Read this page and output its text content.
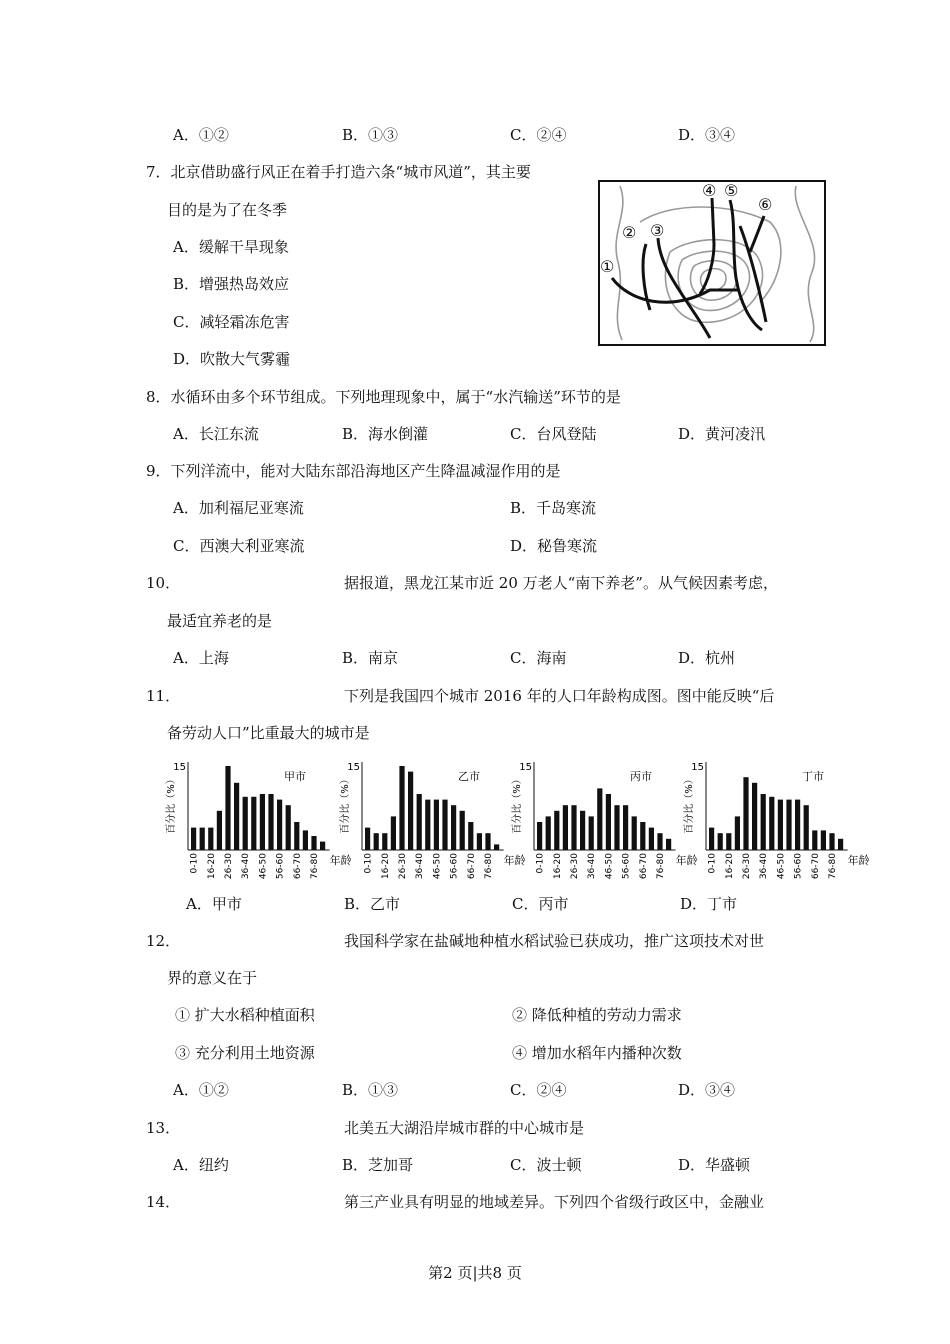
A．①②	B．①③	C．②④	D．③④
7．北京借助盛行风正在着手打造六条“城市风道”，其主要
目的是为了在冬季
A．缓解干旱现象
B．增强热岛效应
C．减轻霜冻危害
D．吹散大气雾霾
①
② ③
④ ⑤
⑥
8．水循环由多个环节组成。下列地理现象中，属于“水汽输送”环节的是
A．长江东流	B．海水倒灌	C．台风登陆	D．黄河凌汛
9．下列洋流中，能对大陆东部沿海地区产生降温减湿作用的是
A．加利福尼亚寒流	B．千岛寒流
C．西澳大利亚寒流	D．秘鲁寒流
10．	据报道，黑龙江某市近 20 万老人“南下养老”。从气候因素考虑，
最适宜养老的是
A．上海	B．南京	C．海南	D．杭州
11．	下列是我国四个城市 2016 年的人口年龄构成图。图中能反映“后
备劳动人口”比重最大的城市是
百分比（%）
15
甲市
0-10 16-20 26-30 36-40 46-50 56-60 66-70 76-80 年龄
百分比（%）
15
乙市
0-10 16-20 26-30 36-40 46-50 56-60 66-70 76-80 年龄
百分比（%）
15
丙市
0-10 16-20 26-30 36-40 46-50 56-60 66-70 76-80 年龄
百分比（%）
15
丁市
0-10 16-20 26-30 36-40 46-50 56-60 66-70 76-80 年龄
A．甲市	B．乙市	C．丙市	D．丁市
12．	我国科学家在盐碱地种植水稻试验已获成功，推广这项技术对世
界的意义在于
① 扩大水稻种植面积	② 降低种植的劳动力需求
③ 充分利用土地资源	④ 增加水稻年内播种次数
A．①②	B．①③	C．②④	D．③④
13．	北美五大湖沿岸城市群的中心城市是
A．纽约	B．芝加哥	C．波士顿	D．华盛顿
14．	第三产业具有明显的地域差异。下列四个省级行政区中，金融业
第2 页|共8 页
